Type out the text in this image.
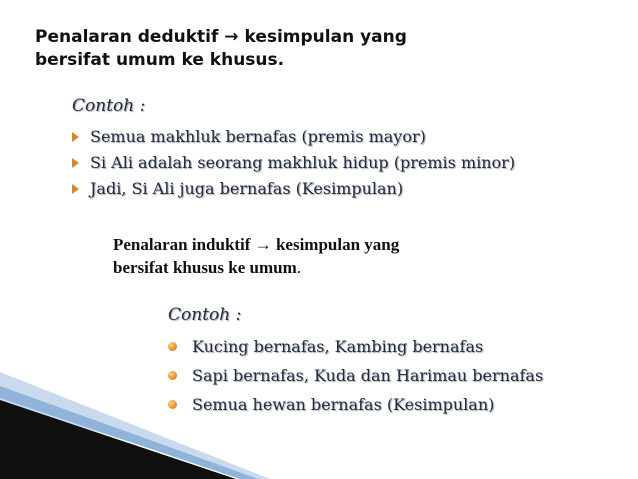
Penalaran deduktif → kesimpulan yang
bersifat umum ke khusus.
Contoh :
Semua makhluk bernafas (premis mayor)
Si Ali adalah seorang makhluk hidup (premis minor)
Jadi, Si Ali juga bernafas (Kesimpulan)
Penalaran induktif → kesimpulan yang
bersifat khusus ke umum.
Contoh :
Kucing bernafas, Kambing bernafas
Sapi bernafas, Kuda dan Harimau bernafas
Semua hewan bernafas (Kesimpulan)
